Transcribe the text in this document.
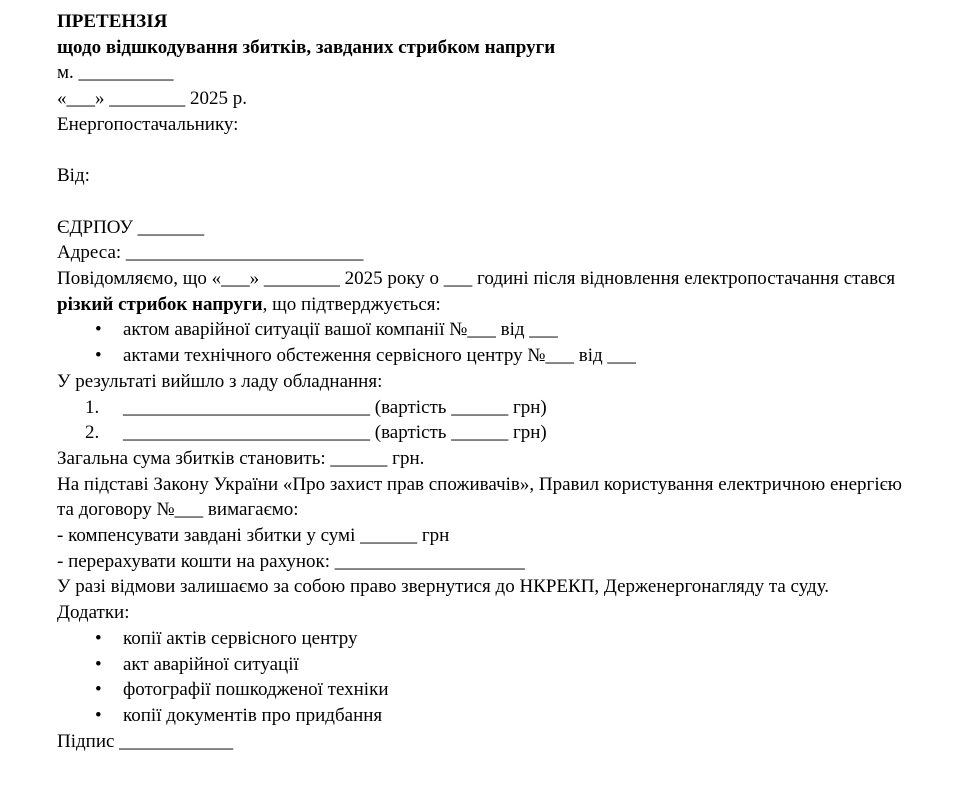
ПРЕТЕНЗІЯ
щодо відшкодування збитків, завданих стрибком напруги
м. __________
«___» ________ 2025 р.
Енергопостачальнику:
Від:
ЄДРПОУ _______
Адреса: _________________________

Повідомляємо, що «___» ________ 2025 року о ___ годині після відновлення електропостачання стався різкий стрибок напруги, що підтверджується:

•	актом аварійної ситуації вашої компанії №___ від ___
•	актами технічного обстеження сервісного центру №___ від ___
У результаті вийшло з ладу обладнання:
1.	__________________________ (вартість ______ грн)
2.	__________________________ (вартість ______ грн)
Загальна сума збитків становить: ______ грн.

На підставі Закону України «Про захист прав споживачів», Правил користування електричною енергією та договору №___ вимагаємо:

- компенсувати завдані збитки у сумі ______ грн
- перерахувати кошти на рахунок: ____________________

У разі відмови залишаємо за собою право звернутися до НКРЕКП, Держенергонагляду та суду.

Додатки:
•	копії актів сервісного центру
•	акт аварійної ситуації
•	фотографії пошкодженої техніки
•	копії документів про придбання
Підпис ____________
